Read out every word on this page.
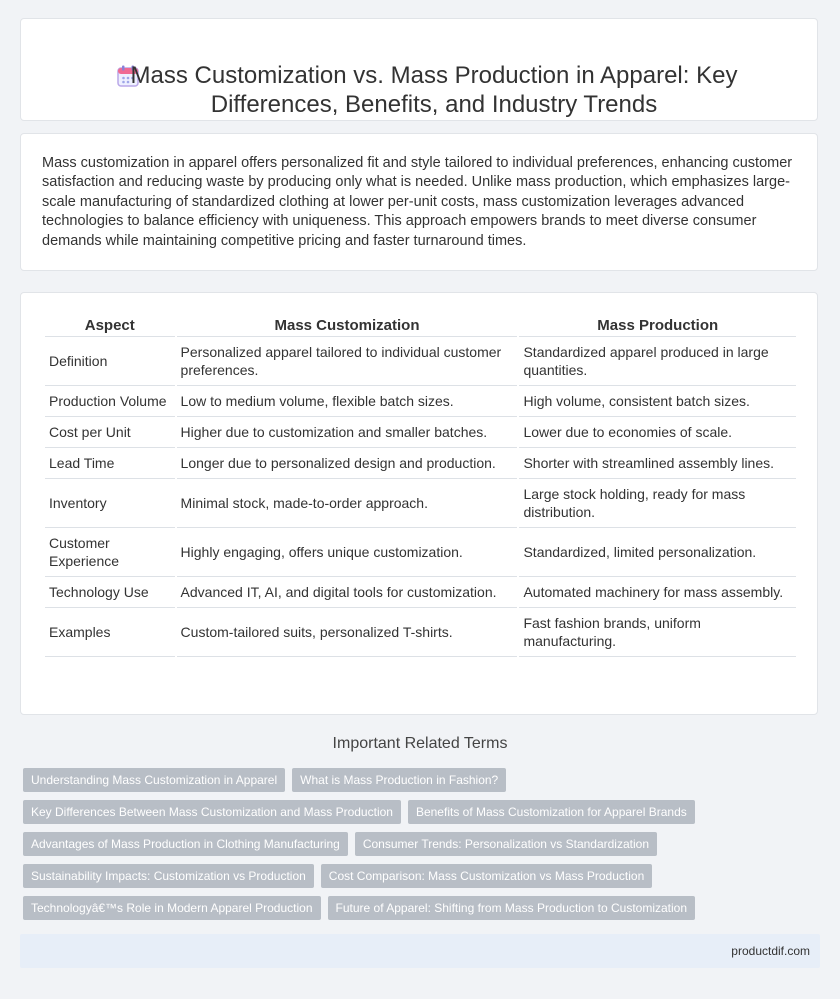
Mass Customization vs. Mass Production in Apparel: Key Differences, Benefits, and Industry Trends

Mass customization in apparel offers personalized fit and style tailored to individual preferences, enhancing customer satisfaction and reducing waste by producing only what is needed. Unlike mass production, which emphasizes large-scale manufacturing of standardized clothing at lower per-unit costs, mass customization leverages advanced technologies to balance efficiency with uniqueness. This approach empowers brands to meet diverse consumer demands while maintaining competitive pricing and faster turnaround times.

Aspect	Mass Customization	Mass Production
Definition	Personalized apparel tailored to individual customer preferences.	Standardized apparel produced in large quantities.
Production Volume	Low to medium volume, flexible batch sizes.	High volume, consistent batch sizes.
Cost per Unit	Higher due to customization and smaller batches.	Lower due to economies of scale.
Lead Time	Longer due to personalized design and production.	Shorter with streamlined assembly lines.
Inventory	Minimal stock, made-to-order approach.	Large stock holding, ready for mass distribution.
Customer Experience	Highly engaging, offers unique customization.	Standardized, limited personalization.
Technology Use	Advanced IT, AI, and digital tools for customization.	Automated machinery for mass assembly.
Examples	Custom-tailored suits, personalized T-shirts.	Fast fashion brands, uniform manufacturing.
Important Related Terms
Understanding Mass Customization in Apparel	What is Mass Production in Fashion?
Key Differences Between Mass Customization and Mass Production	Benefits of Mass Customization for Apparel Brands
Advantages of Mass Production in Clothing Manufacturing	Consumer Trends: Personalization vs Standardization
Sustainability Impacts: Customization vs Production	Cost Comparison: Mass Customization vs Mass Production
Technologyâ€™s Role in Modern Apparel Production	Future of Apparel: Shifting from Mass Production to Customization
productdif.com
